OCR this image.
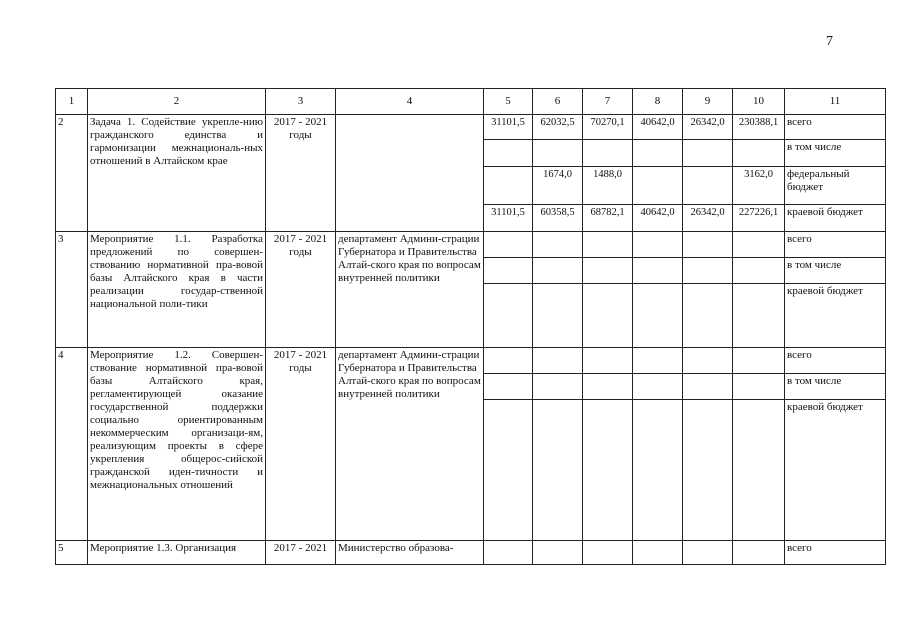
7
1	2	3	4	5	6	7	8	9	10	11
2	Задача 1. Содействие укрепле-нию гражданского единства и гармонизации межнациональ-ных отношений в Алтайском крае	2017 - 2021 годы		31101,5	62032,5	70270,1	40642,0	26342,0	230388,1	всего
										в том числе
					1674,0	1488,0			3162,0	федеральный бюджет
				31101,5	60358,5	68782,1	40642,0	26342,0	227226,1	краевой бюджет
3	Мероприятие 1.1. Разработка предложений по совершен-ствованию нормативной пра-вовой базы Алтайского края в части реализации государ-ственной национальной поли-тики	2017 - 2021 годы	департамент Админи-страции Губернатора и Правительства Алтай-ского края по вопросам внутренней политики							всего
										в том числе
										краевой бюджет
4	Мероприятие 1.2. Совершен-ствование нормативной пра-вовой базы Алтайского края, регламентирующей оказание государственной поддержки социально ориентированным некоммерческим организаци-ям, реализующим проекты в сфере укрепления общерос-сийской гражданской иден-тичности и межнациональных отношений	2017 - 2021 годы	департамент Админи-страции Губернатора и Правительства Алтай-ского края по вопросам внутренней политики							всего
										в том числе
										краевой бюджет
5	Мероприятие 1.3. Организация	2017 - 2021	Министерство образова-							всего
